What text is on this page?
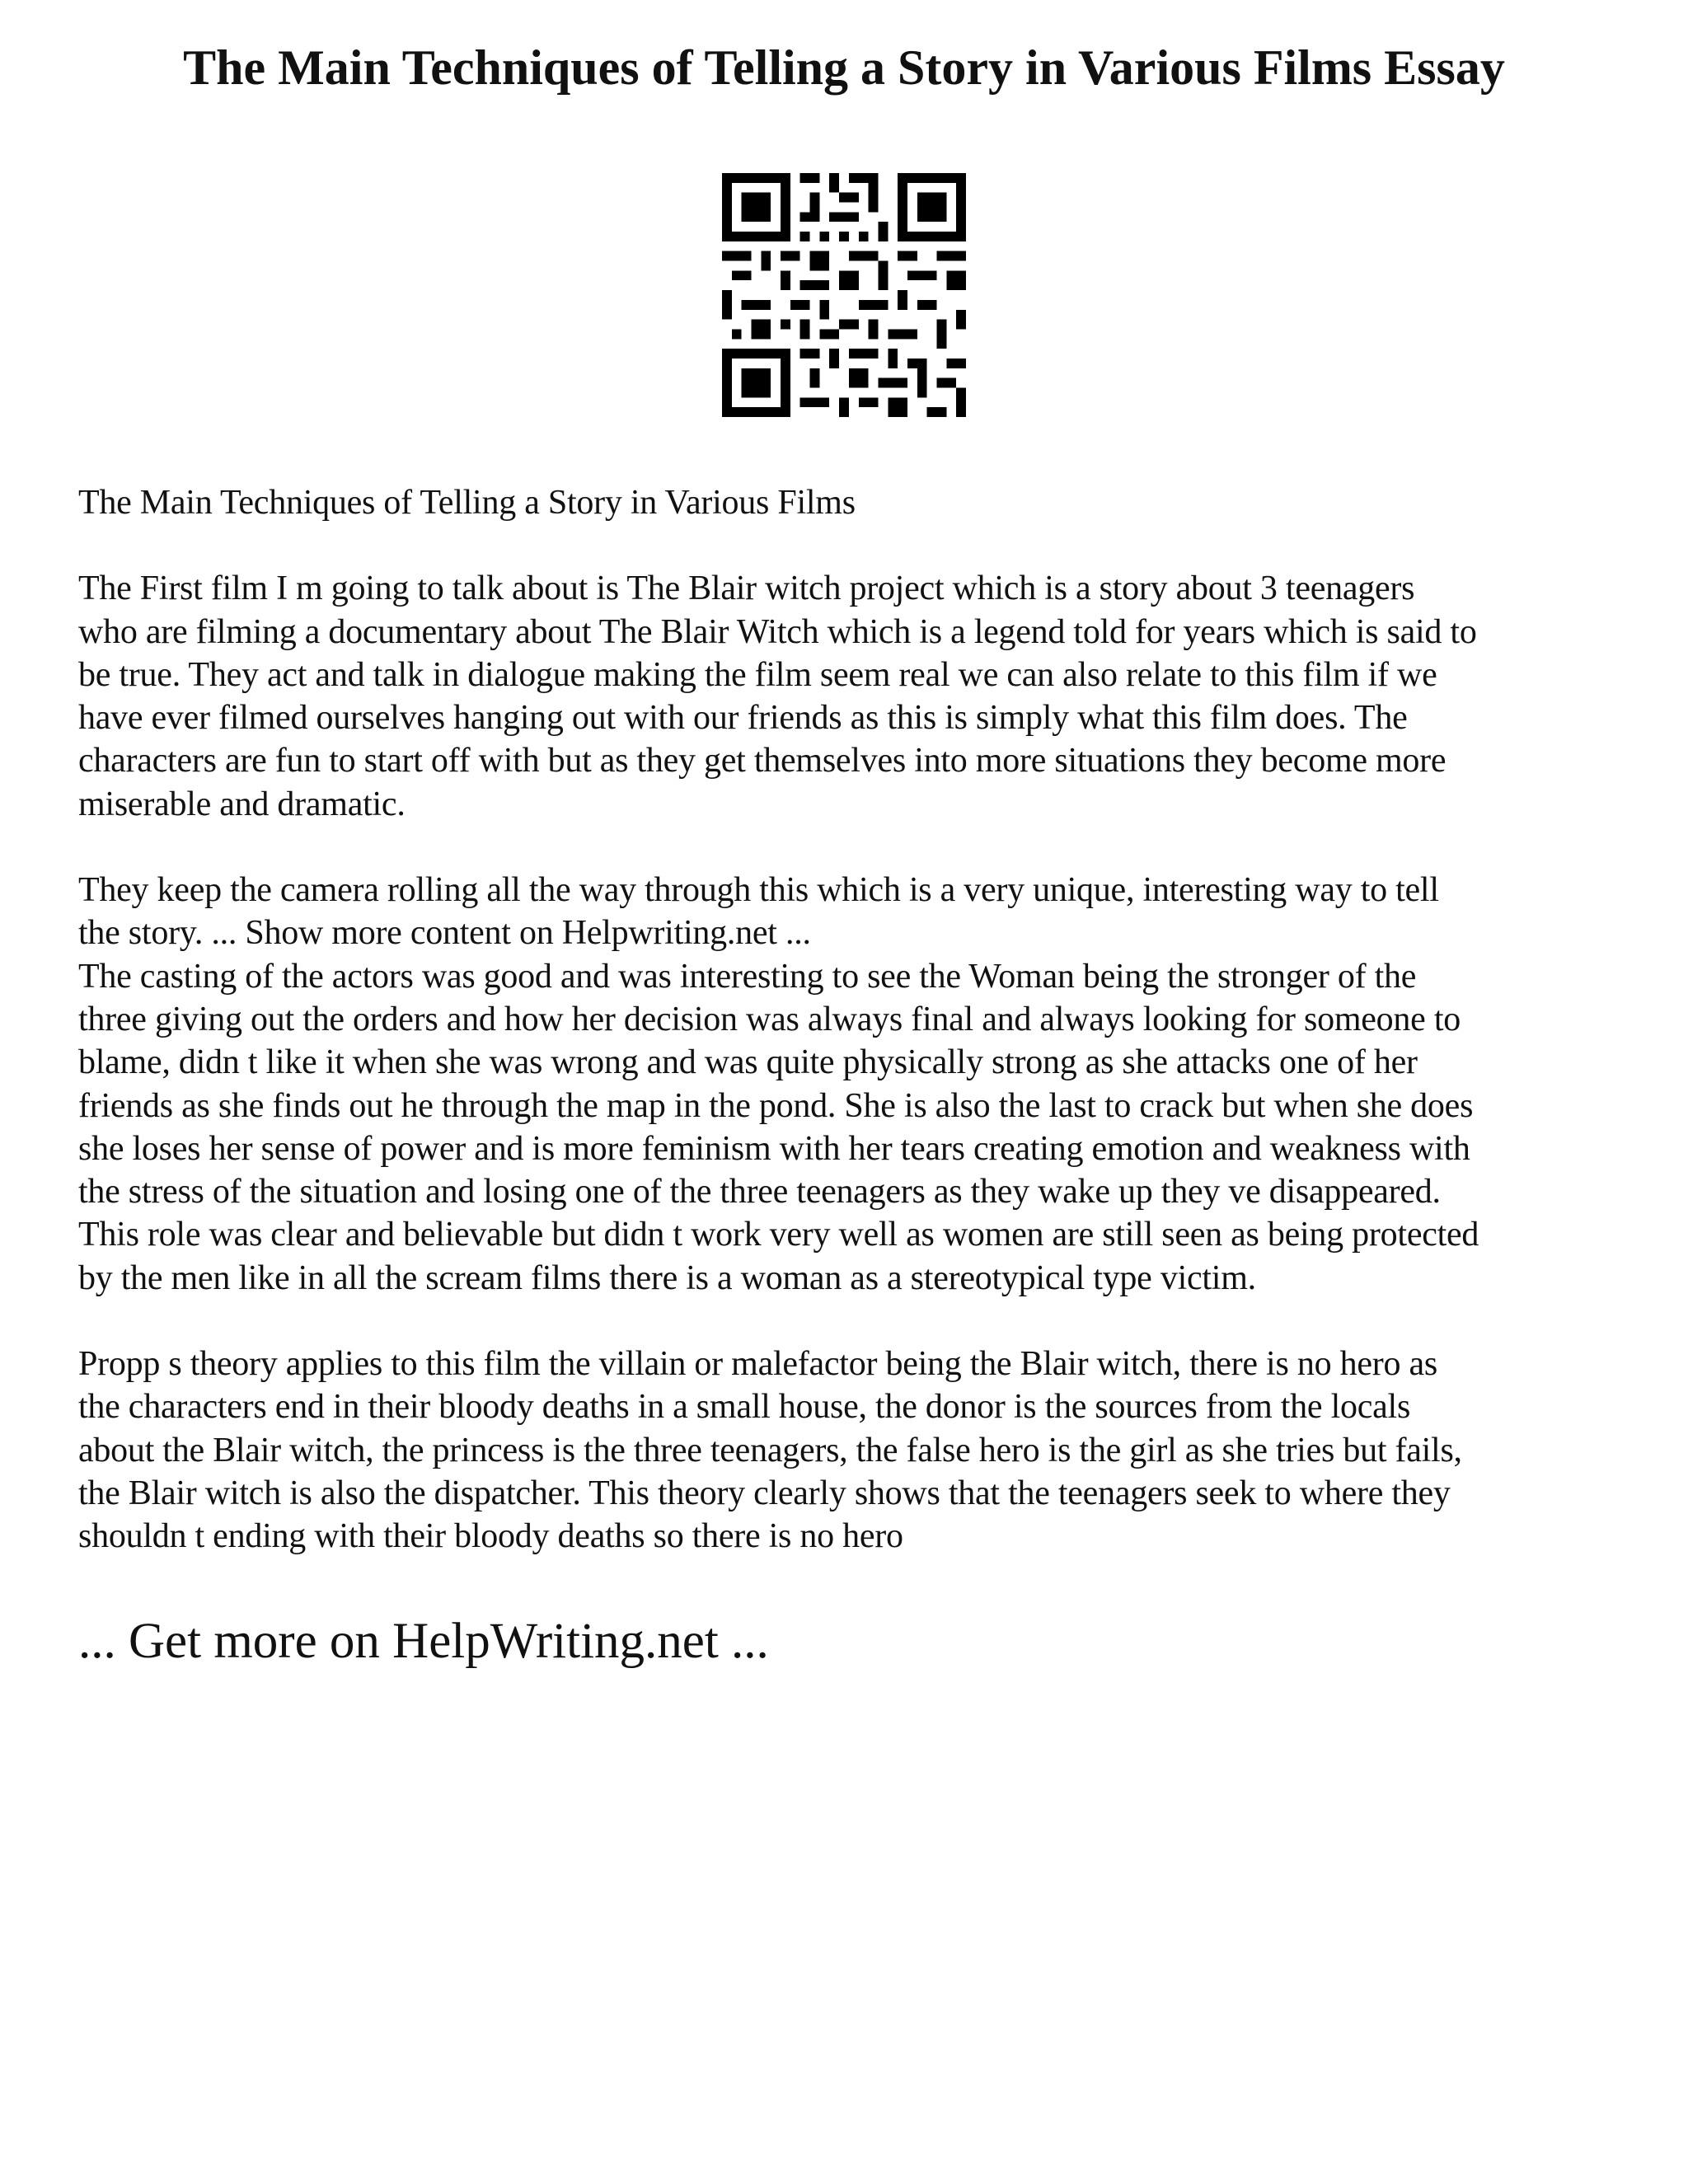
The Main Techniques of Telling a Story in Various Films Essay

The Main Techniques of Telling a Story in Various Films

The First film I m going to talk about is The Blair witch project which is a story about 3 teenagers
who are filming a documentary about The Blair Witch which is a legend told for years which is said to
be true. They act and talk in dialogue making the film seem real we can also relate to this film if we
have ever filmed ourselves hanging out with our friends as this is simply what this film does. The
characters are fun to start off with but as they get themselves into more situations they become more
miserable and dramatic.

They keep the camera rolling all the way through this which is a very unique, interesting way to tell
the story. ... Show more content on Helpwriting.net ...

The casting of the actors was good and was interesting to see the Woman being the stronger of the
three giving out the orders and how her decision was always final and always looking for someone to
blame, didn t like it when she was wrong and was quite physically strong as she attacks one of her
friends as she finds out he through the map in the pond. She is also the last to crack but when she does
she loses her sense of power and is more feminism with her tears creating emotion and weakness with
the stress of the situation and losing one of the three teenagers as they wake up they ve disappeared.
This role was clear and believable but didn t work very well as women are still seen as being protected
by the men like in all the scream films there is a woman as a stereotypical type victim.

Propp s theory applies to this film the villain or malefactor being the Blair witch, there is no hero as
the characters end in their bloody deaths in a small house, the donor is the sources from the locals
about the Blair witch, the princess is the three teenagers, the false hero is the girl as she tries but fails,
the Blair witch is also the dispatcher. This theory clearly shows that the teenagers seek to where they
shouldn t ending with their bloody deaths so there is no hero

... Get more on HelpWriting.net ...
